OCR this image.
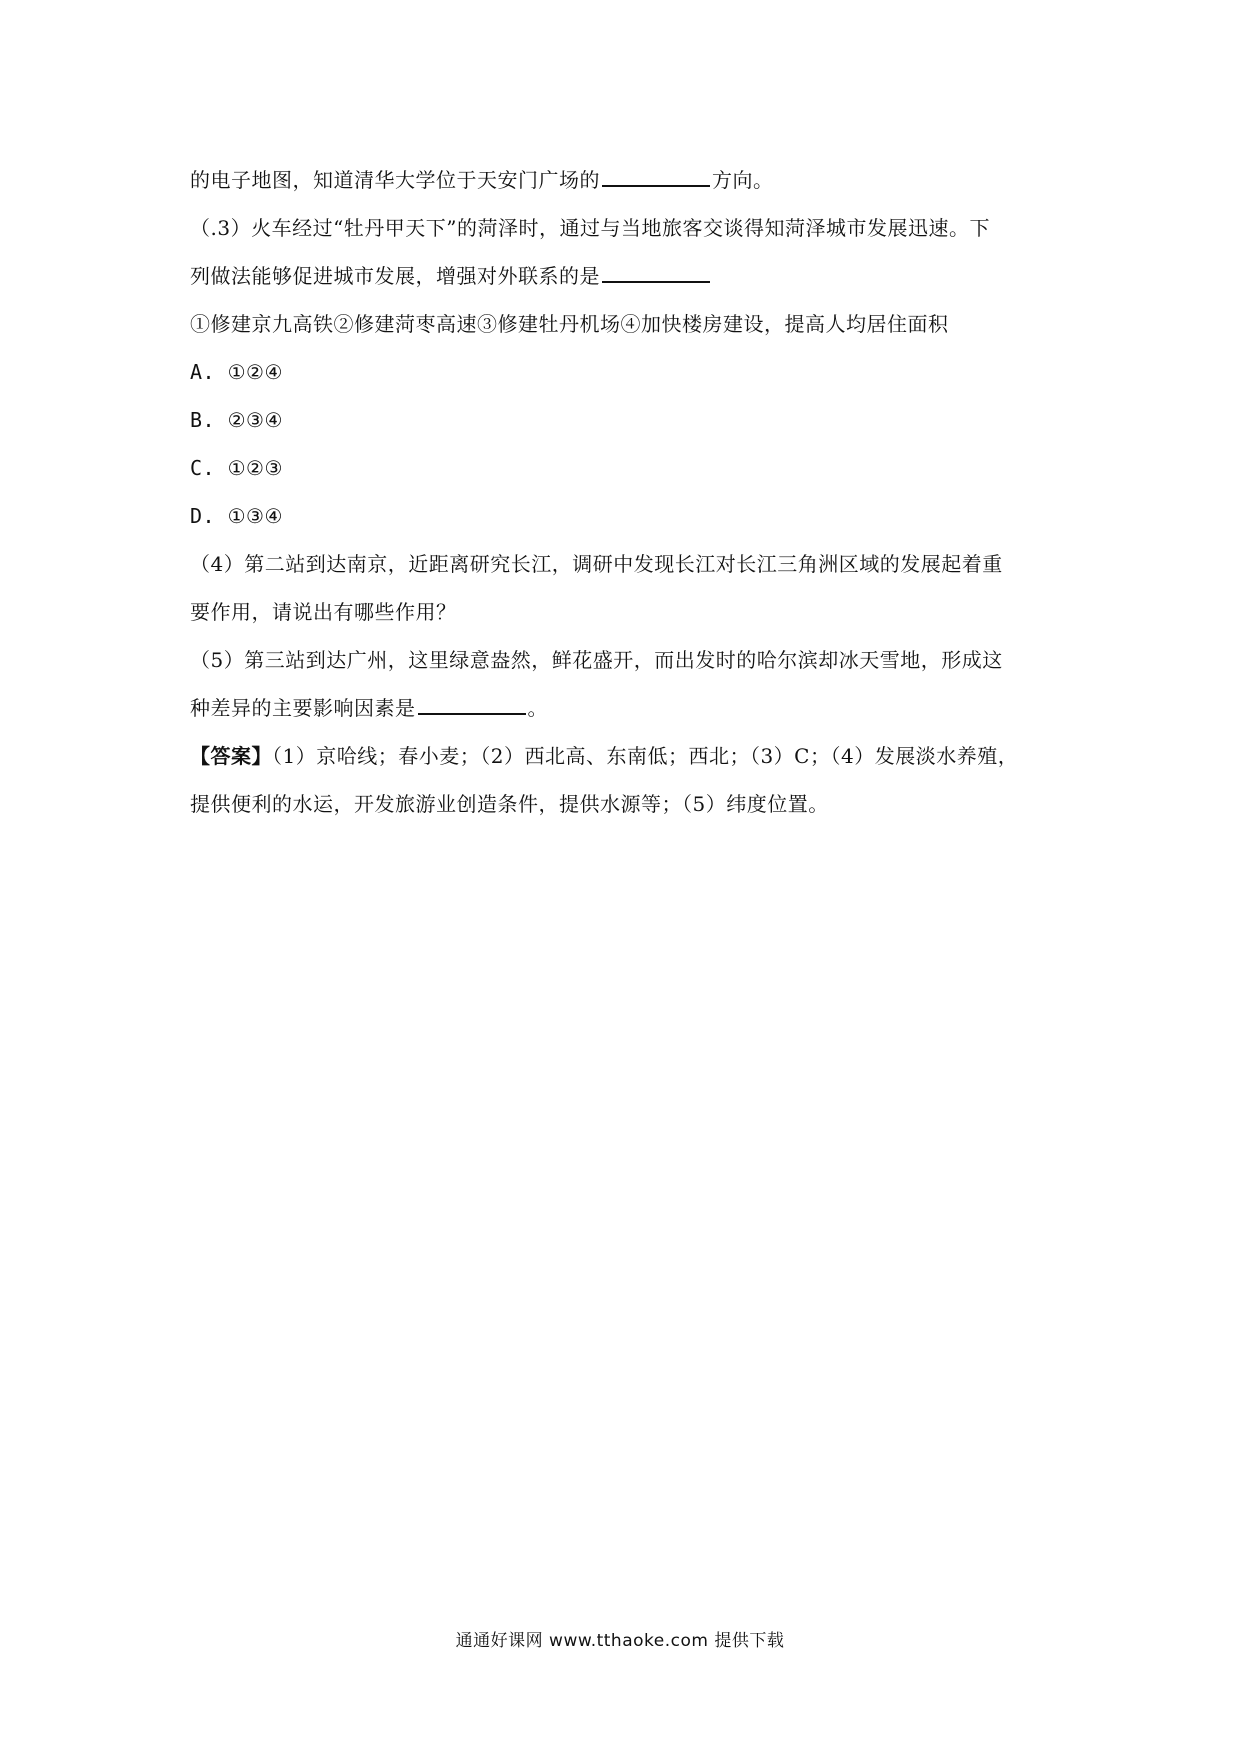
的电子地图，知道清华大学位于天安门广场的	方向。
（.3）火车经过“牡丹甲天下”的菏泽时，通过与当地旅客交谈得知菏泽城市发展迅速。下
列做法能够促进城市发展，增强对外联系的是
①修建京九高铁②修建菏枣高速③修建牡丹机场④加快楼房建设，提高人均居住面积
A. ①②④
B. ②③④
C. ①②③
D. ①③④
（4）第二站到达南京，近距离研究长江，调研中发现长江对长江三角洲区域的发展起着重
要作用，请说出有哪些作用？
（5）第三站到达广州，这里绿意盎然，鲜花盛开，而出发时的哈尔滨却冰天雪地，形成这
种差异的主要影响因素是	。
【答案】（1）京哈线；春小麦；（2）西北高、东南低；西北；（3）C；（4）发展淡水养殖，
提供便利的水运，开发旅游业创造条件，提供水源等；（5）纬度位置。
通通好课网 www.tthaoke.com 提供下载
